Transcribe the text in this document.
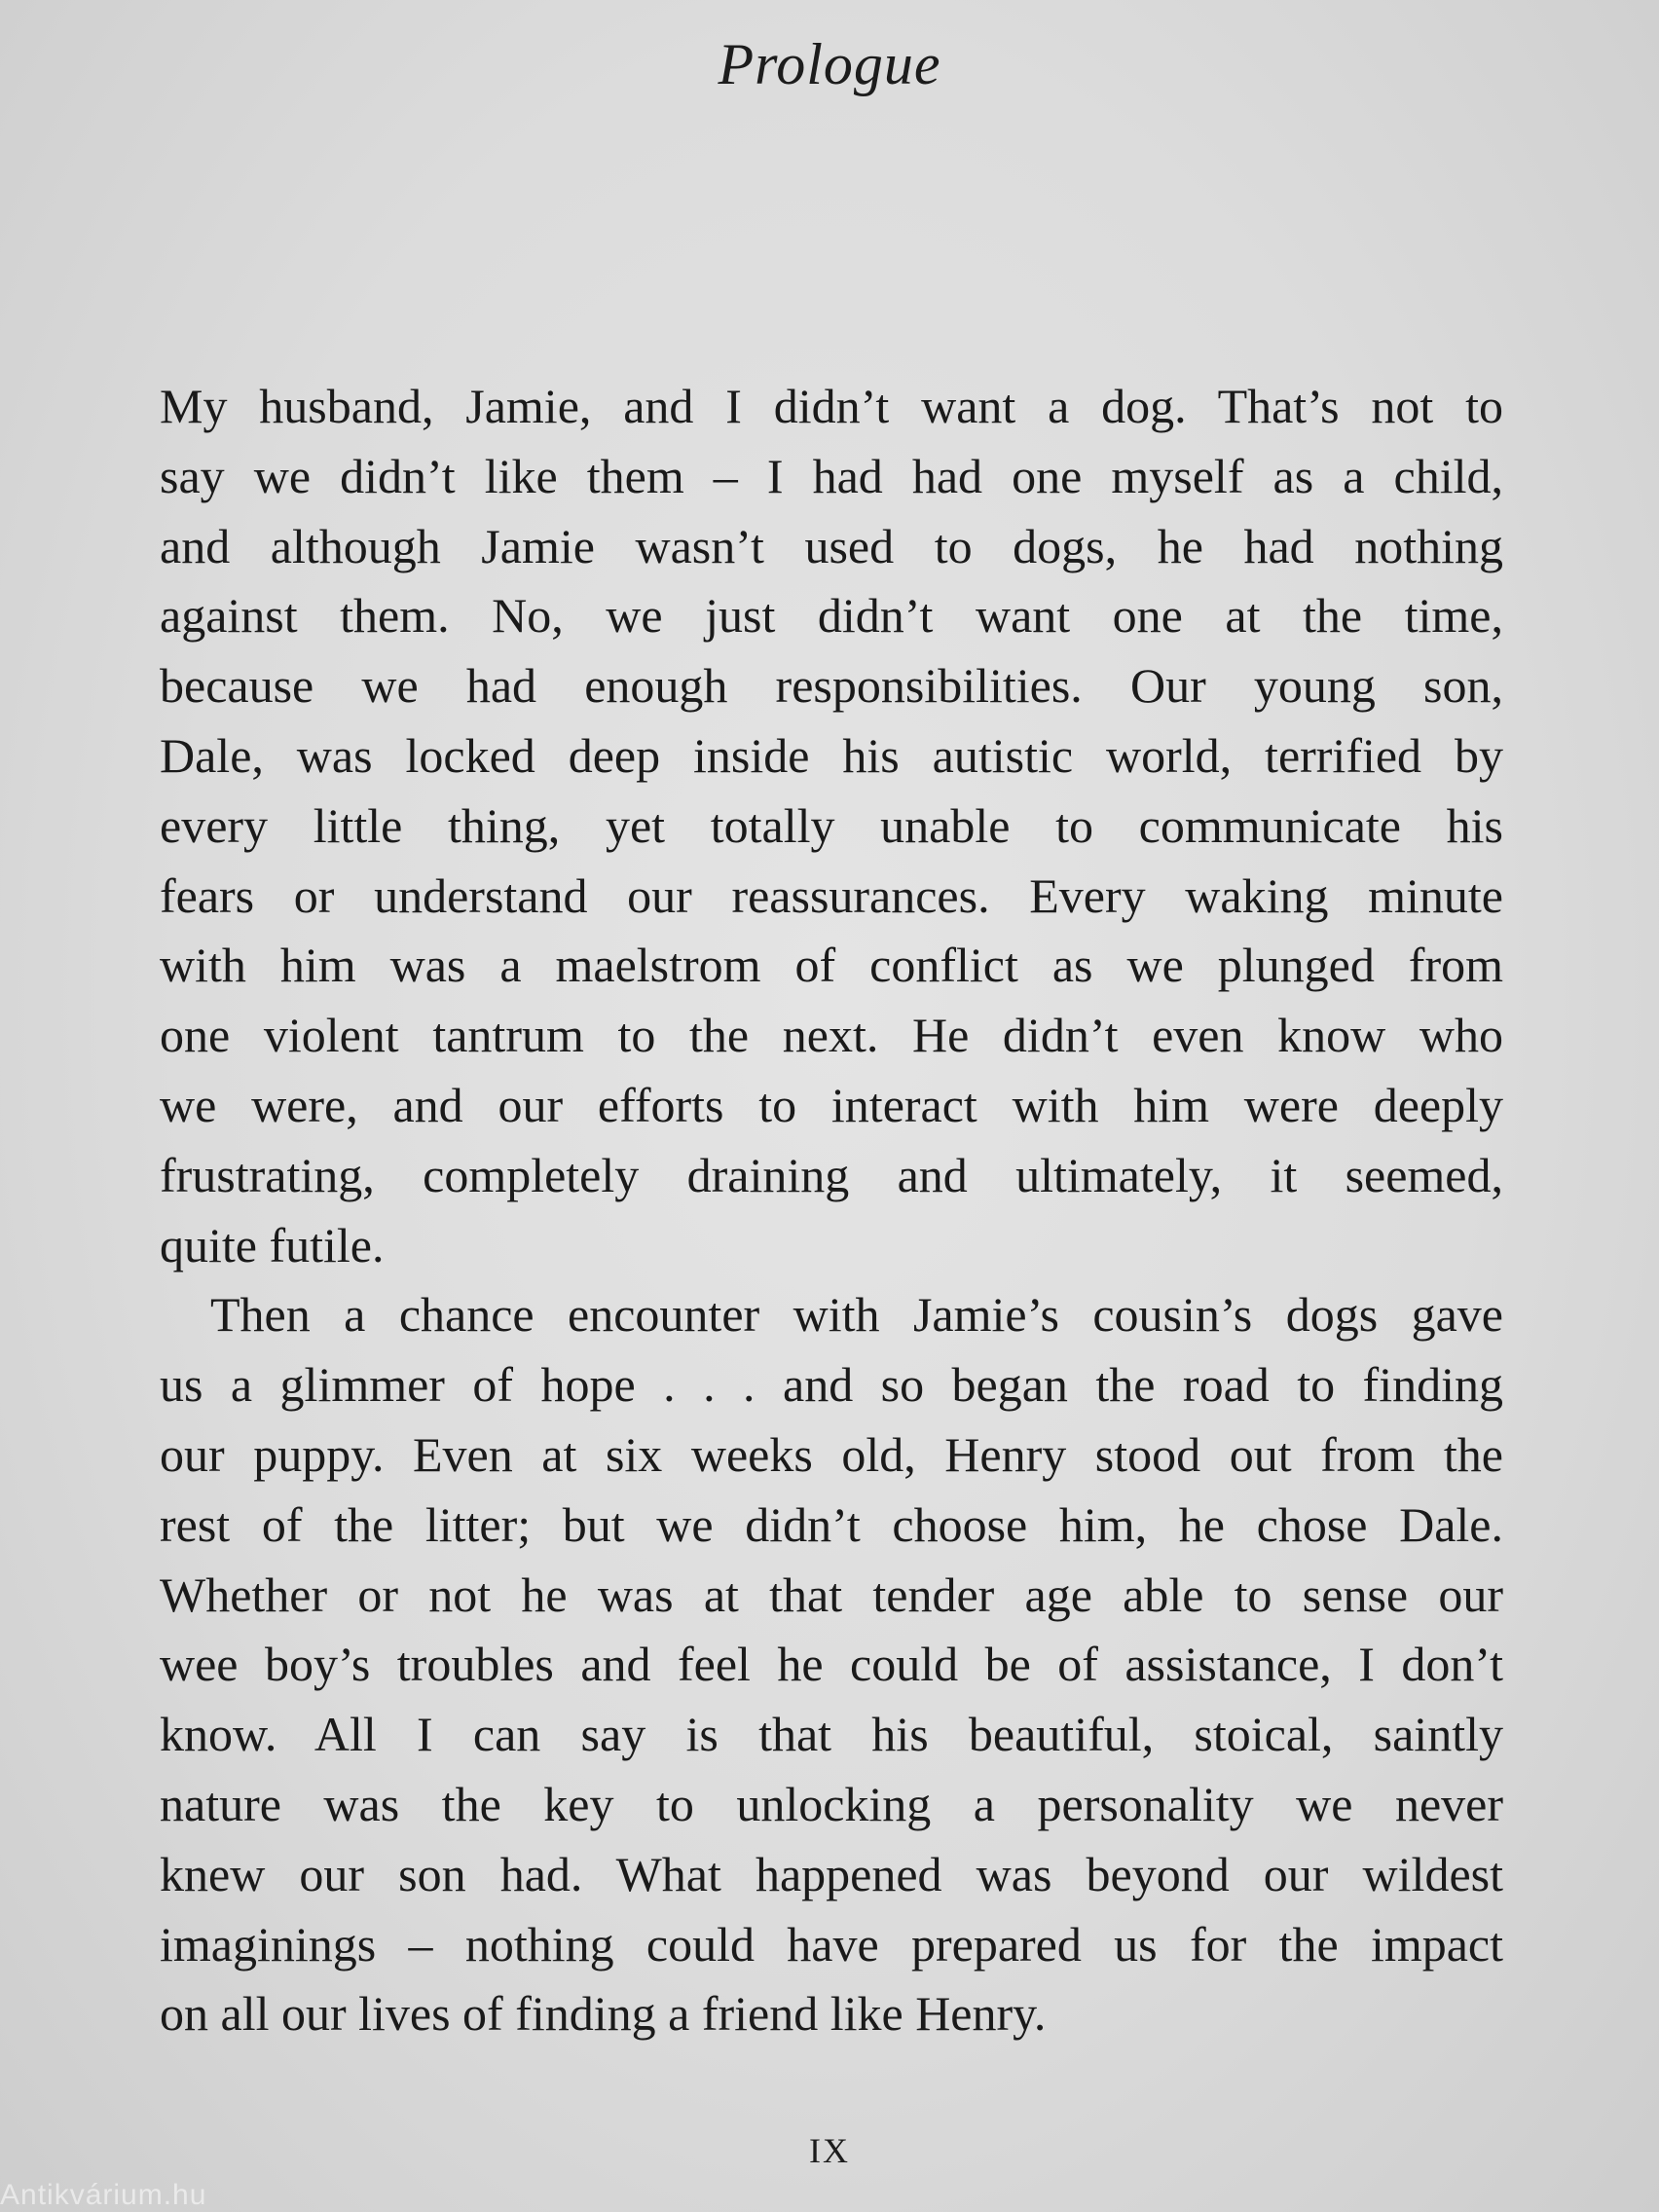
Prologue
My husband, Jamie, and I didn’t want a dog. That’s not to
say we didn’t like them – I had had one myself as a child,
and although Jamie wasn’t used to dogs, he had nothing
against them. No, we just didn’t want one at the time,
because we had enough responsibilities. Our young son,
Dale, was locked deep inside his autistic world, terrified by
every little thing, yet totally unable to communicate his
fears or understand our reassurances. Every waking minute
with him was a maelstrom of conflict as we plunged from
one violent tantrum to the next. He didn’t even know who
we were, and our efforts to interact with him were deeply
frustrating, completely draining and ultimately, it seemed,
quite futile.
Then a chance encounter with Jamie’s cousin’s dogs gave
us a glimmer of hope . . . and so began the road to finding
our puppy. Even at six weeks old, Henry stood out from the
rest of the litter; but we didn’t choose him, he chose Dale.
Whether or not he was at that tender age able to sense our
wee boy’s troubles and feel he could be of assistance, I don’t
know. All I can say is that his beautiful, stoical, saintly
nature was the key to unlocking a personality we never
knew our son had. What happened was beyond our wildest
imaginings – nothing could have prepared us for the impact
on all our lives of finding a friend like Henry.
IX
Antikvárium.hu
